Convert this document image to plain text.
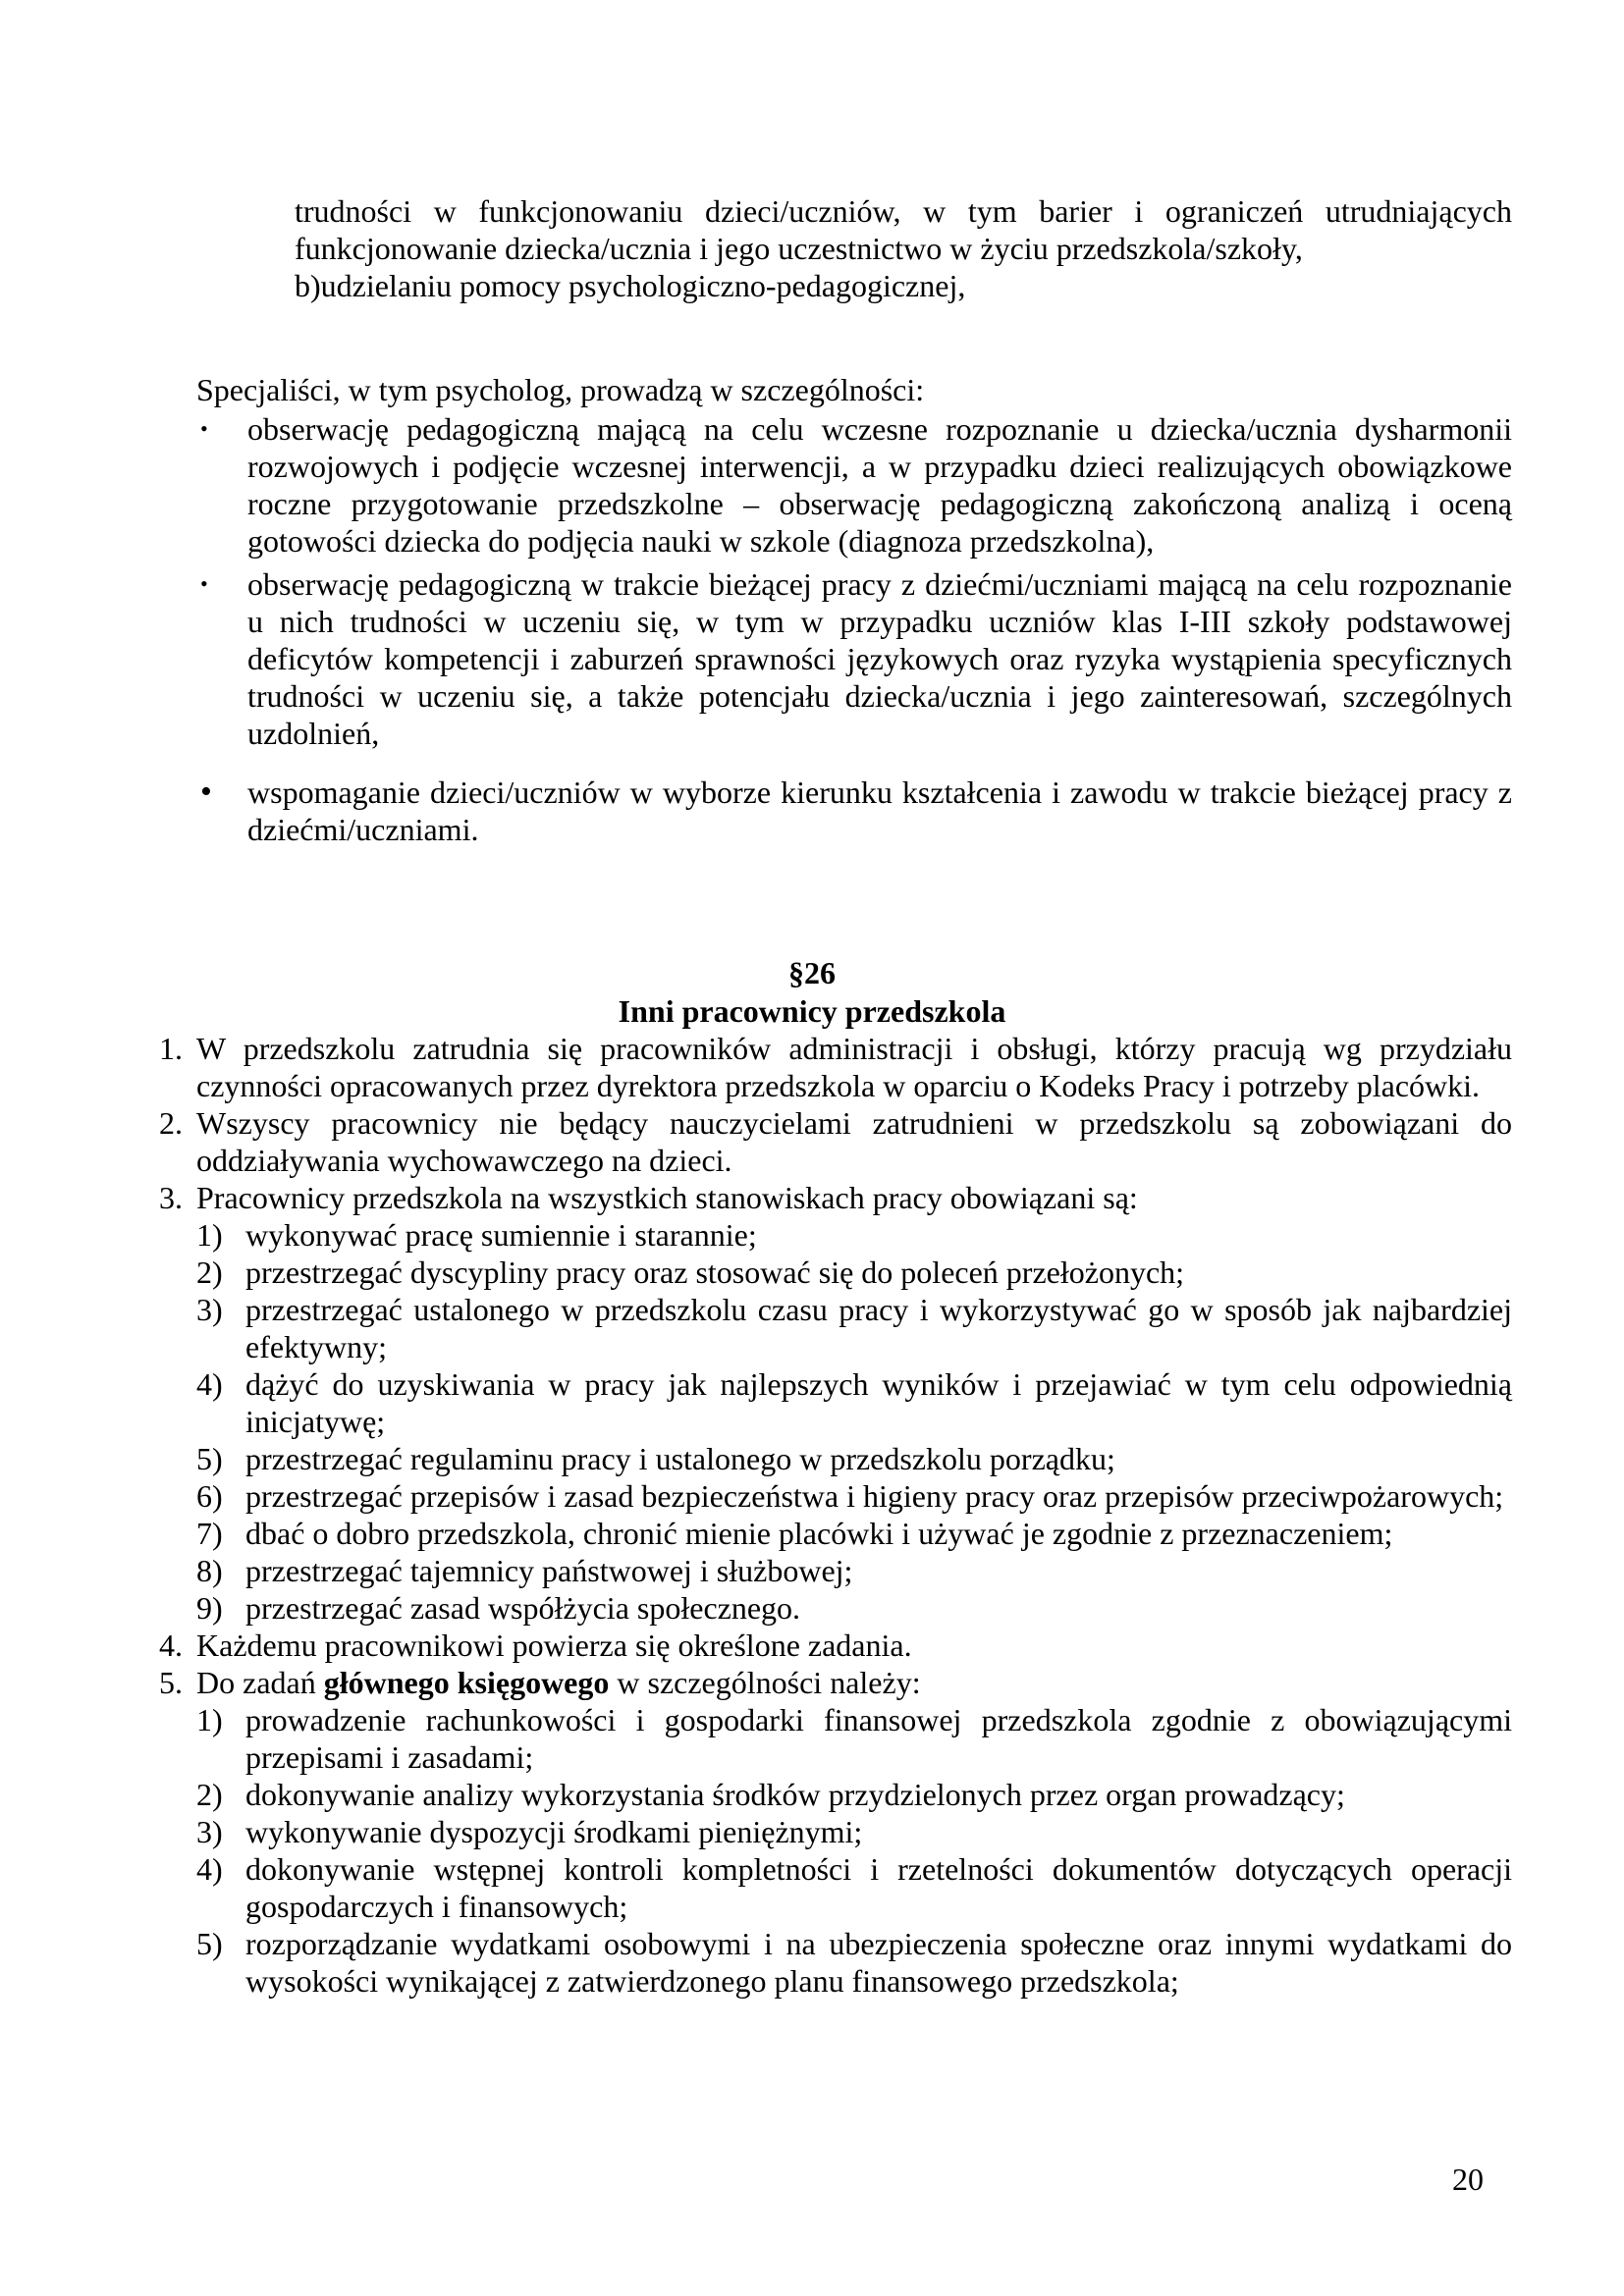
trudności w funkcjonowaniu dzieci/uczniów, w tym barier i ograniczeń utrudniających

funkcjonowanie dziecka/ucznia i jego uczestnictwo w życiu przedszkola/szkoły,

b)udzielaniu pomocy psychologiczno-pedagogicznej,

Specjaliści, w tym psycholog, prowadzą w szczególności:

• obserwację pedagogiczną mającą na celu wczesne rozpoznanie u dziecka/ucznia dysharmonii rozwojowych i podjęcie wczesnej interwencji, a w przypadku dzieci realizujących obowiązkowe roczne przygotowanie przedszkolne – obserwację pedagogiczną zakończoną analizą i oceną gotowości dziecka do podjęcia nauki w szkole (diagnoza przedszkolna),
• obserwację pedagogiczną w trakcie bieżącej pracy z dziećmi/uczniami mającą na celu rozpoznanie u nich trudności w uczeniu się, w tym w przypadku uczniów klas I-III szkoły podstawowej deficytów kompetencji i zaburzeń sprawności językowych oraz ryzyka wystąpienia specyficznych trudności w uczeniu się, a także potencjału dziecka/ucznia i jego zainteresowań, szczególnych uzdolnień,
• wspomaganie dzieci/uczniów w wyborze kierunku kształcenia i zawodu w trakcie bieżącej pracy z dziećmi/uczniami.

§26

Inni pracownicy przedszkola

1. W przedszkolu zatrudnia się pracowników administracji i obsługi, którzy pracują wg przydziału czynności opracowanych przez dyrektora przedszkola w oparciu o Kodeks Pracy i potrzeby placówki.
2. Wszyscy pracownicy nie będący nauczycielami zatrudnieni w przedszkolu są zobowiązani do oddziaływania wychowawczego na dzieci.
3. Pracownicy przedszkola na wszystkich stanowiskach pracy obowiązani są:
1) wykonywać pracę sumiennie i starannie;
2) przestrzegać dyscypliny pracy oraz stosować się do poleceń przełożonych;
3) przestrzegać ustalonego w przedszkolu czasu pracy i wykorzystywać go w sposób jak najbardziej efektywny;
4) dążyć do uzyskiwania w pracy jak najlepszych wyników i przejawiać w tym celu odpowiednią inicjatywę;
5) przestrzegać regulaminu pracy i ustalonego w przedszkolu porządku;
6) przestrzegać przepisów i zasad bezpieczeństwa i higieny pracy oraz przepisów przeciwpożarowych;
7) dbać o dobro przedszkola, chronić mienie placówki i używać je zgodnie z przeznaczeniem;
8) przestrzegać tajemnicy państwowej i służbowej;
9) przestrzegać zasad współżycia społecznego.
4. Każdemu pracownikowi powierza się określone zadania.
5. Do zadań głównego księgowego w szczególności należy:
1) prowadzenie rachunkowości i gospodarki finansowej przedszkola zgodnie z obowiązującymi przepisami i zasadami;
2) dokonywanie analizy wykorzystania środków przydzielonych przez organ prowadzący;
3) wykonywanie dyspozycji środkami pieniężnymi;
4) dokonywanie wstępnej kontroli kompletności i rzetelności dokumentów dotyczących operacji gospodarczych i finansowych;
5) rozporządzanie wydatkami osobowymi i na ubezpieczenia społeczne oraz innymi wydatkami do wysokości wynikającej z zatwierdzonego planu finansowego przedszkola;

20
